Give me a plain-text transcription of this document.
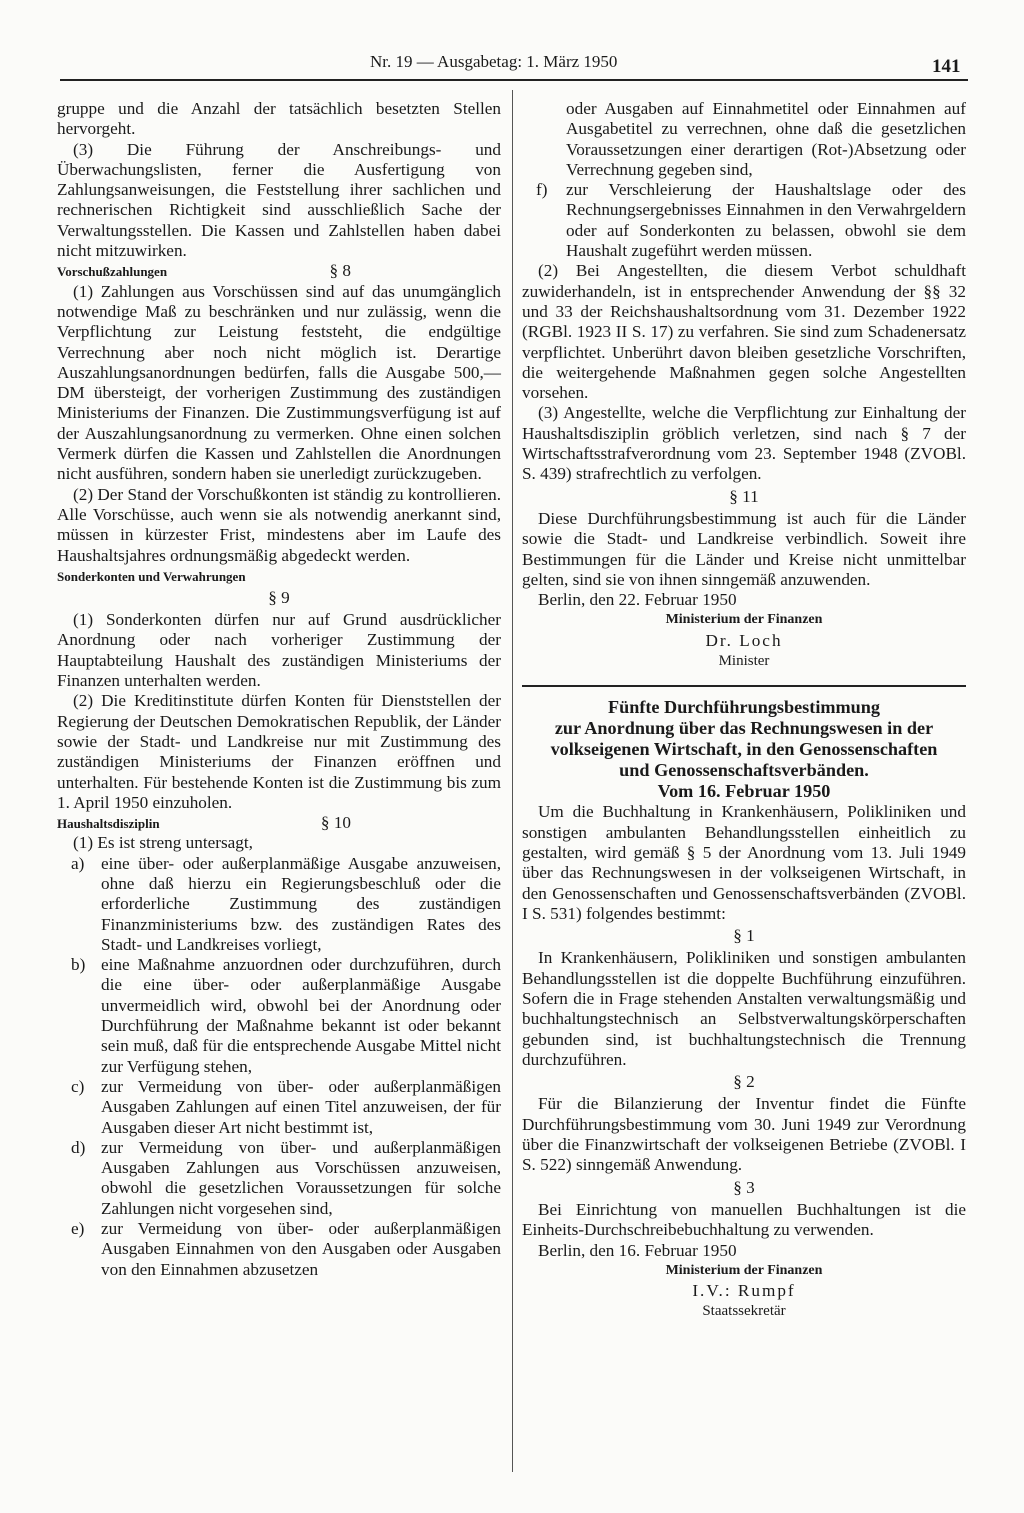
Nr. 19 — Ausgabetag: 1. März 1950	141

gruppe und die Anzahl der tatsächlich besetzten Stellen hervorgeht.

(3) Die Führung der Anschreibungs- und Überwachungslisten, ferner die Ausfertigung von Zahlungsanweisungen, die Feststellung ihrer sachlichen und rechnerischen Richtigkeit sind ausschließlich Sache der Verwaltungsstellen. Die Kassen und Zahlstellen haben dabei nicht mitzuwirken.

Vorschußzahlungen	§ 8

(1) Zahlungen aus Vorschüssen sind auf das unumgänglich notwendige Maß zu beschränken und nur zulässig, wenn die Verpflichtung zur Leistung feststeht, die endgültige Verrechnung aber noch nicht möglich ist. Derartige Auszahlungsanordnungen bedürfen, falls die Ausgabe 500,— DM übersteigt, der vorherigen Zustimmung des zuständigen Ministeriums der Finanzen. Die Zustimmungsverfügung ist auf der Auszahlungsanordnung zu vermerken. Ohne einen solchen Vermerk dürfen die Kassen und Zahlstellen die Anordnungen nicht ausführen, sondern haben sie unerledigt zurückzugeben.

(2) Der Stand der Vorschußkonten ist ständig zu kontrollieren. Alle Vorschüsse, auch wenn sie als notwendig anerkannt sind, müssen in kürzester Frist, mindestens aber im Laufe des Haushaltsjahres ordnungsmäßig abgedeckt werden.

Sonderkonten und Verwahrungen

§ 9

(1) Sonderkonten dürfen nur auf Grund ausdrücklicher Anordnung oder nach vorheriger Zustimmung der Hauptabteilung Haushalt des zuständigen Ministeriums der Finanzen unterhalten werden.

(2) Die Kreditinstitute dürfen Konten für Dienststellen der Regierung der Deutschen Demokratischen Republik, der Länder sowie der Stadt- und Landkreise nur mit Zustimmung des zuständigen Ministeriums der Finanzen eröffnen und unterhalten. Für bestehende Konten ist die Zustimmung bis zum 1. April 1950 einzuholen.

Haushaltsdisziplin	§ 10

(1) Es ist streng untersagt,

a) eine über- oder außerplanmäßige Ausgabe anzuweisen, ohne daß hierzu ein Regierungsbeschluß oder die erforderliche Zustimmung des zuständigen Finanzministeriums bzw. des zuständigen Rates des Stadt- und Landkreises vorliegt,
b) eine Maßnahme anzuordnen oder durchzuführen, durch die eine über- oder außerplanmäßige Ausgabe unvermeidlich wird, obwohl bei der Anordnung oder Durchführung der Maßnahme bekannt ist oder bekannt sein muß, daß für die entsprechende Ausgabe Mittel nicht zur Verfügung stehen,
c) zur Vermeidung von über- oder außerplanmäßigen Ausgaben Zahlungen auf einen Titel anzuweisen, der für Ausgaben dieser Art nicht bestimmt ist,
d) zur Vermeidung von über- und außerplanmäßigen Ausgaben Zahlungen aus Vorschüssen anzuweisen, obwohl die gesetzlichen Voraussetzungen für solche Zahlungen nicht vorgesehen sind,
e) zur Vermeidung von über- oder außerplanmäßigen Ausgaben Einnahmen von den Ausgaben oder Ausgaben von den Einnahmen abzusetzen
oder Ausgaben auf Einnahmetitel oder Einnahmen auf Ausgabetitel zu verrechnen, ohne daß die gesetzlichen Voraussetzungen einer derartigen (Rot-)Absetzung oder Verrechnung gegeben sind,
f)	zur Verschleierung der Haushaltslage oder des Rechnungsergebnisses Einnahmen in den Verwahrgeldern oder auf Sonderkonten zu belassen, obwohl sie dem Haushalt zugeführt werden müssen.

(2) Bei Angestellten, die diesem Verbot schuldhaft zuwiderhandeln, ist in entsprechender Anwendung der §§ 32 und 33 der Reichshaushaltsordnung vom 31. Dezember 1922 (RGBl. 1923 II S. 17) zu verfahren. Sie sind zum Schadenersatz verpflichtet. Unberührt davon bleiben gesetzliche Vorschriften, die weitergehende Maßnahmen gegen solche Angestellten vorsehen.

(3) Angestellte, welche die Verpflichtung zur Einhaltung der Haushaltsdisziplin gröblich verletzen, sind nach § 7 der Wirtschaftsstrafverordnung vom 23. September 1948 (ZVOBl. S. 439) strafrechtlich zu verfolgen.

§ 11

Diese Durchführungsbestimmung ist auch für die Länder sowie die Stadt- und Landkreise verbindlich. Soweit ihre Bestimmungen für die Länder und Kreise nicht unmittelbar gelten, sind sie von ihnen sinngemäß anzuwenden.

Berlin, den 22. Februar 1950

Ministerium der Finanzen

Dr. Loch

Minister

Fünfte Durchführungsbestimmung

zur Anordnung über das Rechnungswesen in der

volkseigenen Wirtschaft, in den Genossenschaften

und Genossenschaftsverbänden.

Vom 16. Februar 1950

Um die Buchhaltung in Krankenhäusern, Polikliniken und sonstigen ambulanten Behandlungsstellen einheitlich zu gestalten, wird gemäß § 5 der Anordnung vom 13. Juli 1949 über das Rechnungswesen in der volkseigenen Wirtschaft, in den Genossenschaften und Genossenschaftsverbänden (ZVOBl. I S. 531) folgendes bestimmt:

§ 1

In Krankenhäusern, Polikliniken und sonstigen ambulanten Behandlungsstellen ist die doppelte Buchführung einzuführen. Sofern die in Frage stehenden Anstalten verwaltungsmäßig und buchhaltungstechnisch an Selbstverwaltungskörperschaften gebunden sind, ist buchhaltungstechnisch die Trennung durchzuführen.

§ 2

Für die Bilanzierung der Inventur findet die Fünfte Durchführungsbestimmung vom 30. Juni 1949 zur Verordnung über die Finanzwirtschaft der volkseigenen Betriebe (ZVOBl. I S. 522) sinngemäß Anwendung.

§ 3

Bei Einrichtung von manuellen Buchhaltungen ist die Einheits-Durchschreibebuchhaltung zu verwenden.

Berlin, den 16. Februar 1950

Ministerium der Finanzen

I.V.: Rumpf

Staatssekretär
